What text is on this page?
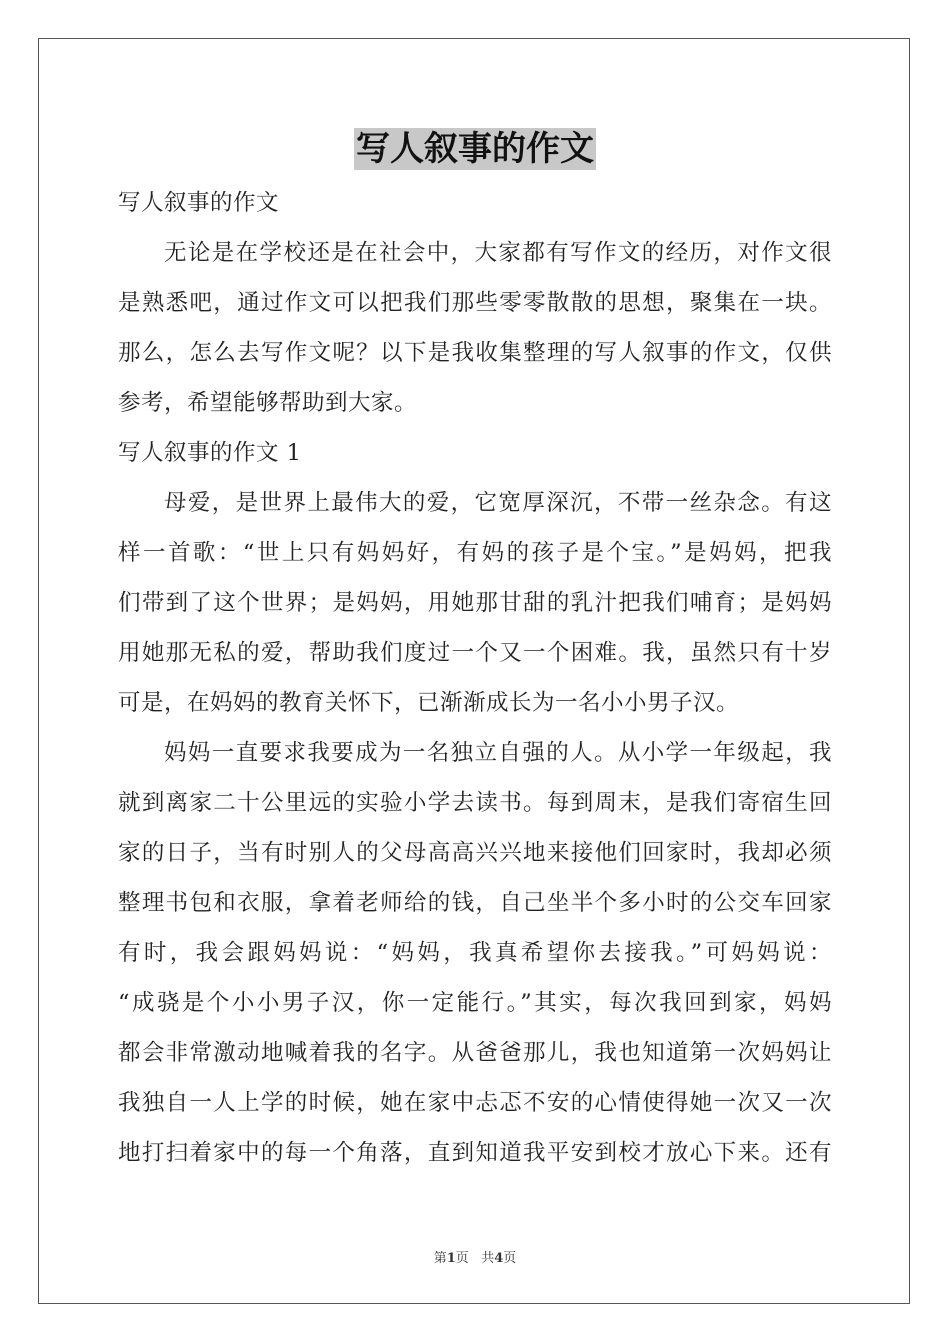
写人叙事的作文
写人叙事的作文
无论是在学校还是在社会中，大家都有写作文的经历，对作文很
是熟悉吧，通过作文可以把我们那些零零散散的思想，聚集在一块。
那么，怎么去写作文呢？以下是我收集整理的写人叙事的作文，仅供
参考，希望能够帮助到大家。
写人叙事的作文 1
母爱，是世界上最伟大的爱，它宽厚深沉，不带一丝杂念。有这
样一首歌：“世上只有妈妈好，有妈的孩子是个宝。”是妈妈，把我
们带到了这个世界；是妈妈，用她那甘甜的乳汁把我们哺育；是妈妈
用她那无私的爱，帮助我们度过一个又一个困难。我，虽然只有十岁
可是，在妈妈的教育关怀下，已渐渐成长为一名小小男子汉。
妈妈一直要求我要成为一名独立自强的人。从小学一年级起，我
就到离家二十公里远的实验小学去读书。每到周末，是我们寄宿生回
家的日子，当有时别人的父母高高兴兴地来接他们回家时，我却必须
整理书包和衣服，拿着老师给的钱，自己坐半个多小时的公交车回家
有时，我会跟妈妈说：“妈妈，我真希望你去接我。”可妈妈说：
“成骁是个小小男子汉，你一定能行。”其实，每次我回到家，妈妈
都会非常激动地喊着我的名字。从爸爸那儿，我也知道第一次妈妈让
我独自一人上学的时候，她在家中忐忑不安的心情使得她一次又一次
地打扫着家中的每一个角落，直到知道我平安到校才放心下来。还有
第1页 共4页
